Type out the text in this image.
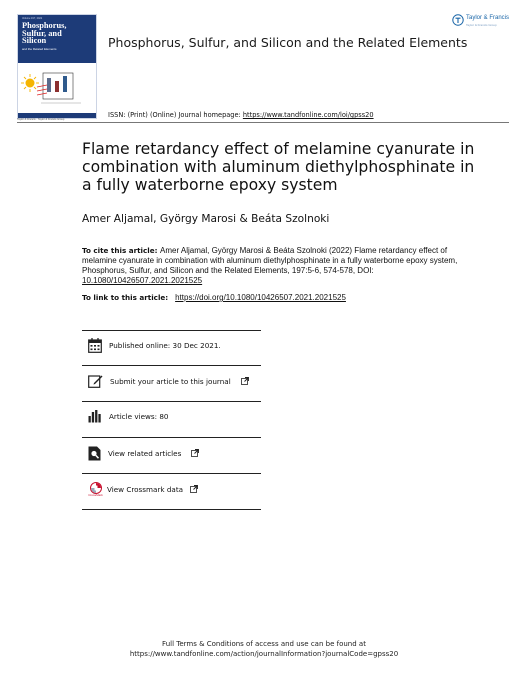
Volume 197, 2022
Phosphorus,
Sulfur, and
Silicon
and the Related Elements
Taylor & Francis · Taylor & Francis Group
Phosphorus, Sulfur, and Silicon and the Related Elements
Taylor & Francis
Taylor & Francis Group
ISSN: (Print) (Online) Journal homepage: https://www.tandfonline.com/loi/gpss20
Flame retardancy effect of melamine cyanurate in combination with aluminum diethylphosphinate in a fully waterborne epoxy system
Amer Aljamal, György Marosi & Beáta Szolnoki
To cite this article: Amer Aljamal, György Marosi & Beáta Szolnoki (2022) Flame retardancy effect of melamine cyanurate in combination with aluminum diethylphosphinate in a fully waterborne epoxy system, Phosphorus, Sulfur, and Silicon and the Related Elements, 197:5-6, 574-578, DOI: 10.1080/10426507.2021.2021525
To link to this article:   https://doi.org/10.1080/10426507.2021.2021525
Published online: 30 Dec 2021.
Submit your article to this journal
Article views: 80
View related articles
CrossMark
View Crossmark data
Full Terms & Conditions of access and use can be found at
https://www.tandfonline.com/action/journalInformation?journalCode=gpss20
